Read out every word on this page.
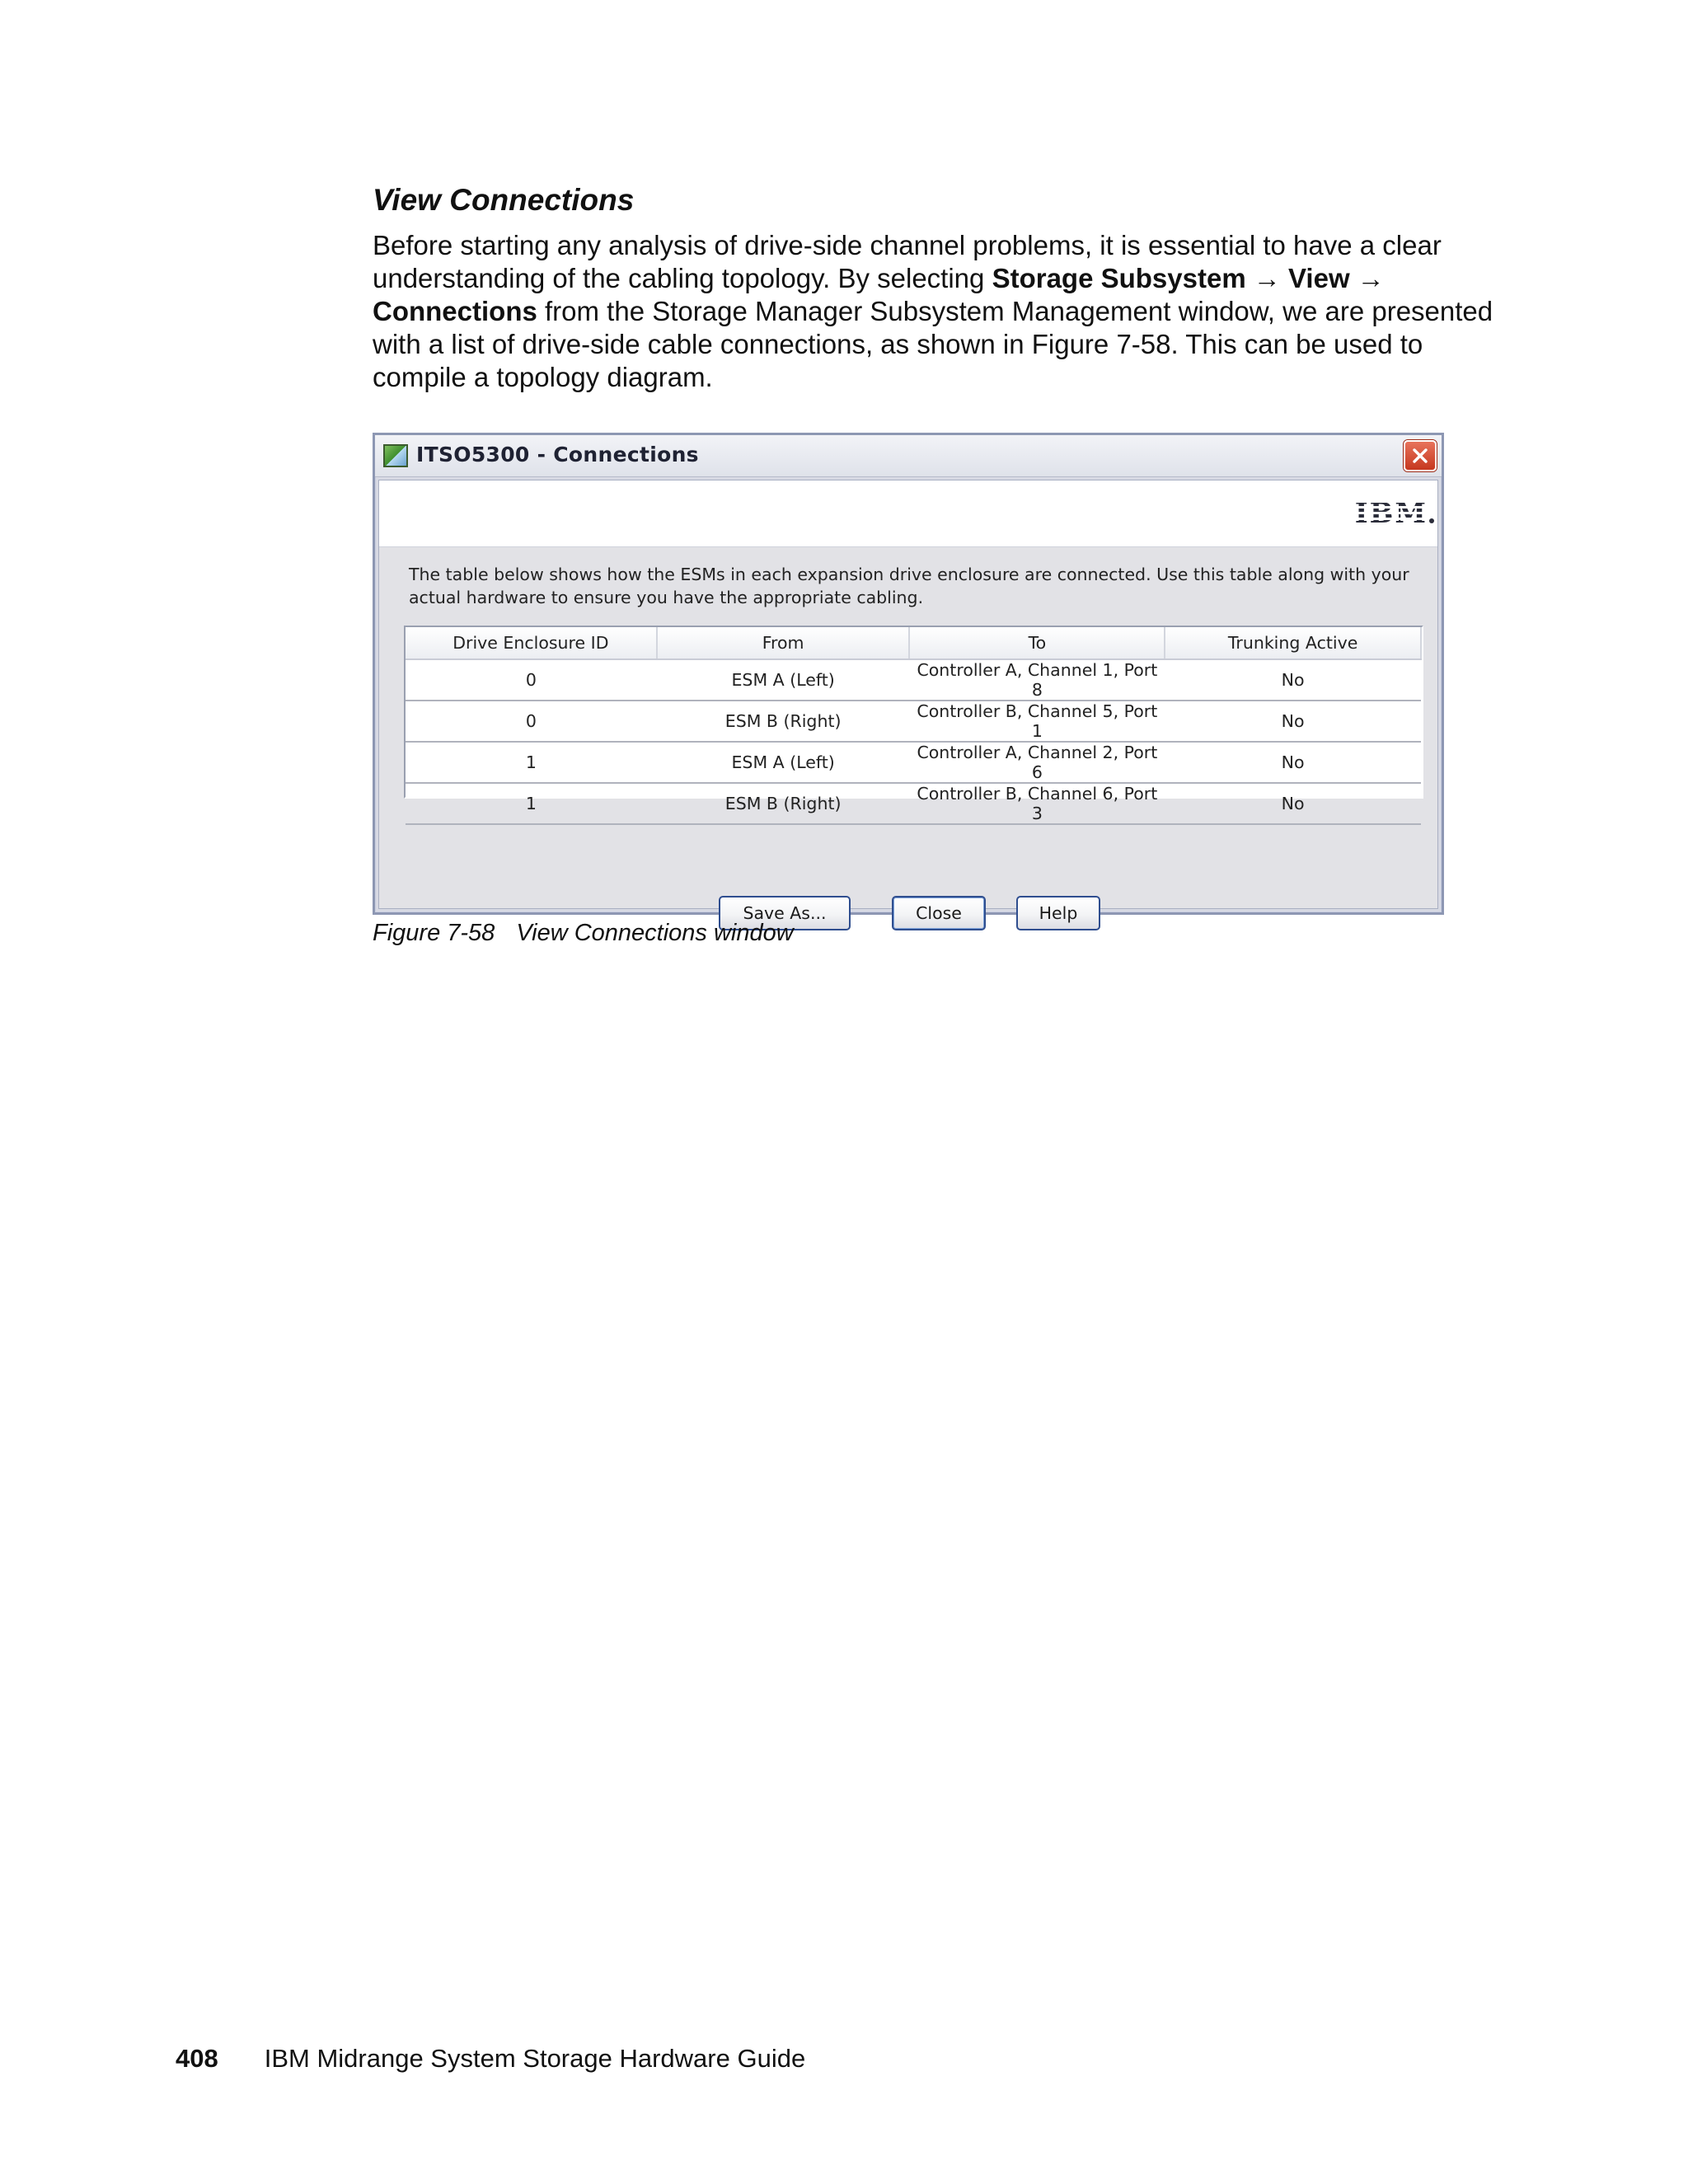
View Connections

Before starting any analysis of drive-side channel problems, it is essential to have a clear understanding of the cabling topology. By selecting Storage Subsystem → View →
Connections from the Storage Manager Subsystem Management window, we are presented with a list of drive-side cable connections, as shown in Figure 7-58. This can be used to compile a topology diagram.

ITSO5300 - Connections
IBM

The table below shows how the ESMs in each expansion drive enclosure are connected. Use this table along with your actual hardware to ensure you have the appropriate cabling.

Drive Enclosure ID	From	To	Trunking Active
0	ESM A (Left)	Controller A, Channel 1, Port 8	No
0	ESM B (Right)	Controller B, Channel 5, Port 1	No
1	ESM A (Left)	Controller A, Channel 2, Port 6	No
1	ESM B (Right)	Controller B, Channel 6, Port 3	No
Save As...	Close	Help

Figure 7-58 View Connections window

408 IBM Midrange System Storage Hardware Guide
